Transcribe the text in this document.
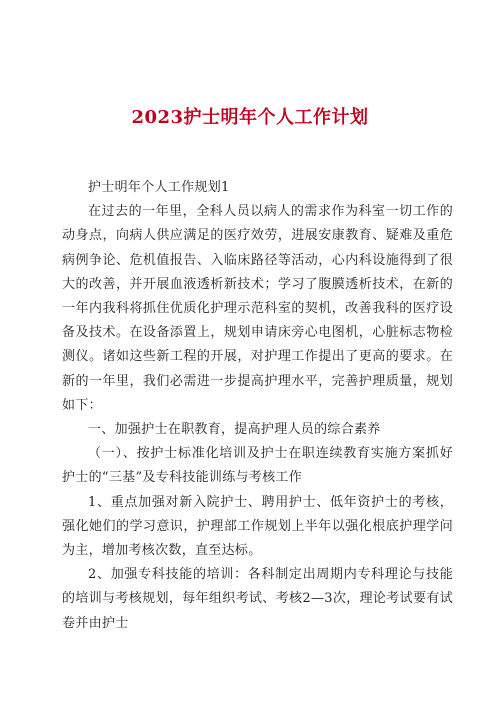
2023护士明年个人工作计划

护士明年个人工作规划1

在过去的一年里，全科人员以病人的需求作为科室一切工作的动身点，向病人供应满足的医疗效劳，进展安康教育、疑难及重危病例争论、危机值报告、入临床路径等活动，心内科设施得到了很大的改善，并开展血液透析新技术；学习了腹膜透析技术，在新的一年内我科将抓住优质化护理示范科室的契机，改善我科的医疗设备及技术。在设备添置上，规划申请床旁心电图机，心脏标志物检测仪。诸如这些新工程的开展，对护理工作提出了更高的要求。在新的一年里，我们必需进一步提高护理水平，完善护理质量，规划如下：

一、加强护士在职教育，提高护理人员的综合素养

（一）、按护士标准化培训及护士在职连续教育实施方案抓好护士的“三基”及专科技能训练与考核工作

1、重点加强对新入院护士、聘用护士、低年资护士的考核，强化她们的学习意识，护理部工作规划上半年以强化根底护理学问为主，增加考核次数，直至达标。

2、加强专科技能的培训：各科制定出周期内专科理论与技能的培训与考核规划，每年组织考试、考核2—3次，理论考试要有试卷并由护士
